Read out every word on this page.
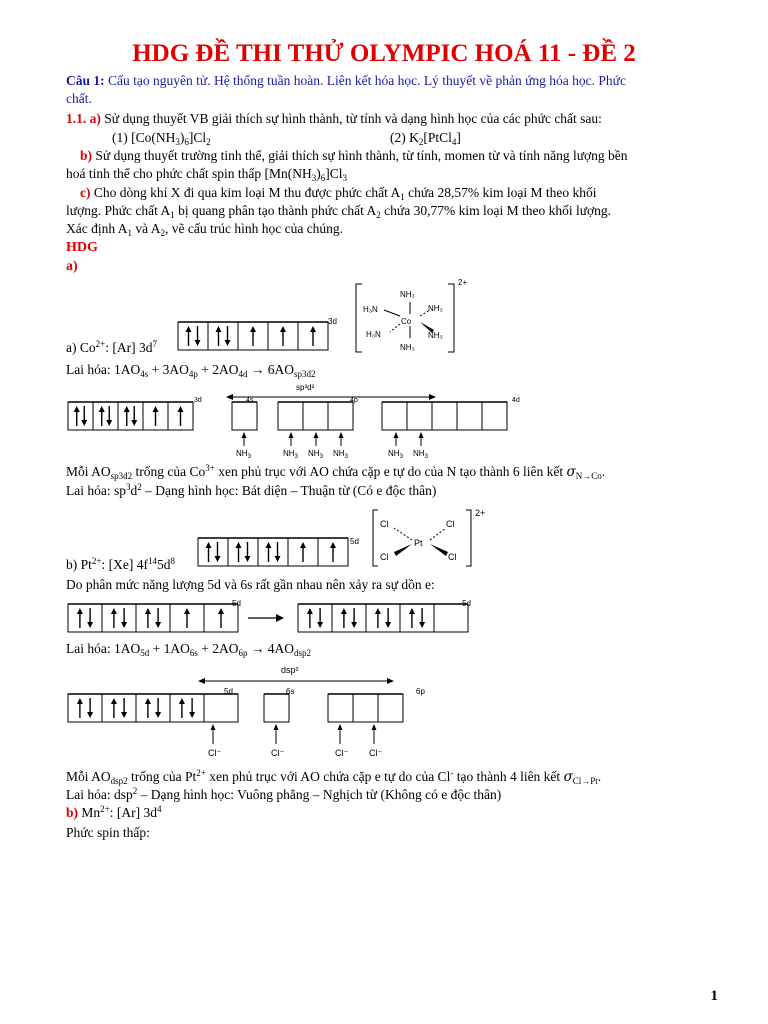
HDG ĐỀ THI THỬ OLYMPIC HOÁ 11 - ĐỀ 2
Câu 1: Cấu tạo nguyên tử. Hệ thống tuần hoàn. Liên kết hóa học. Lý thuyết về phản ứng hóa học. Phức
chất.
1.1. a) Sử dụng thuyết VB giải thích sự hình thành, từ tính và dạng hình học của các phức chất sau:
(1) $[Co(NH_3)_6]Cl_2$	(2) $K_2[PtCl_4]$
b) Sử dụng thuyết trường tinh thể, giải thích sự hình thành, từ tính, momen từ và tính năng lượng bền
hoá tinh thể cho phức chất spin thấp $[Mn(NH_3)_6]Cl_3$
c) Cho dòng khí X đi qua kim loại M thu được phức chất $A_1$ chứa 28,57% kim loại M theo khối
lượng. Phức chất $A_1$ bị quang phân tạo thành phức chất $A_2$ chứa 30,77% kim loại M theo khối lượng.
Xác định $A_1$ và $A_2$, vẽ cấu trúc hình học của chúng.
HDG
a)
NH₃
H₃N	NH₃
Co
H₃N	NH₃
NH₃
2+
3d
a) $Co^{2+}$: [Ar] $3d^7$
Lai hóa: $1AO_{4s} + 3AO_{4p} + 2AO_{4d} \to 6AO_{sp3d2}$
3d	4s	4p	4d
sp³d²
$NH_3$	$NH_3$ $NH_3$ $NH_3$	$NH_3$ $NH_3$
Mỗi $AO_{sp3d2}$ trống của $Co^{3+}$ xen phủ trục với AO chứa cặp e tự do của N tạo thành 6 liên kết $\sigma_{N\to Co}$.
Lai hóa: $sp^3d^2$ – Dạng hình học: Bát diện – Thuận từ (Có e độc thân)
Cl	Cl
Pt
Cl	Cl
2+
5d
b) $Pt^{2+}$: [Xe] $4f^{14}5d^8$
Do phân mức năng lượng 5d và 6s rất gần nhau nên xảy ra sự dồn e:
5d	5d
Lai hóa: $1AO_{5d} + 1AO_{6s} + 2AO_{6p} \to 4AO_{dsp2}$
5d	6s	6p
dsp²
Cl⁻	Cl⁻	Cl⁻ Cl⁻
Mỗi $AO_{dsp2}$ trống của $Pt^{2+}$ xen phủ trục với AO chứa cặp e tự do của Cl- tạo thành 4 liên kết $\sigma_{Cl\to Pt}$.
Lai hóa: dsp$^2$ – Dạng hình học: Vuông phẳng – Nghịch từ (Không có e độc thân)
b) $Mn^{2+}$: [Ar] $3d^4$
Phức spin thấp:
1
